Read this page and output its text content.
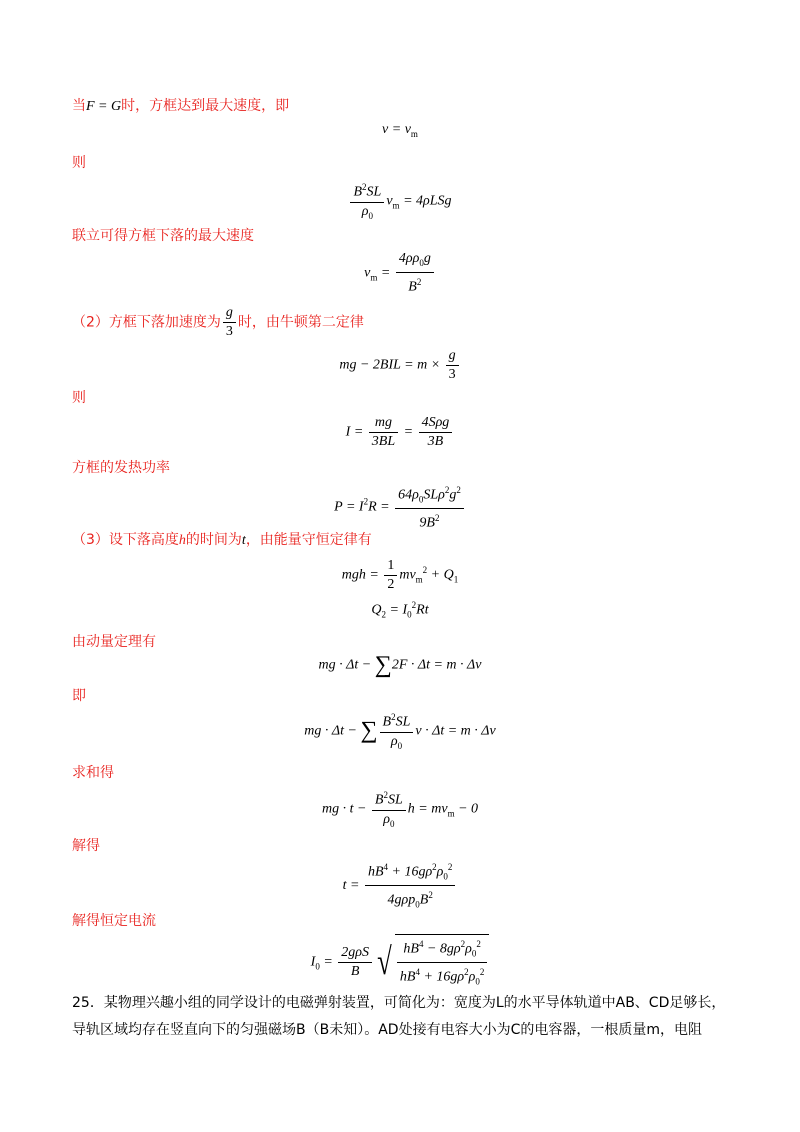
当F = G时，方框达到最大速度，即
$v = v_m$
则
$\frac{B^2SL}{\rho_0} v_m = 4\rho LSg$
联立可得方框下落的最大速度
$v_m = \frac{4\rho\rho_0g}{B^2}$
（2）方框下落加速度为 $\frac{g}{3}$ 时，由牛顿第二定律
mg − $2BIL = m \times \frac{g}{3}$
则
$I = \frac{mg}{3BL} = \frac{\text{4Sρg}}{3B}$
方框的发热功率
$P = I^2R = \frac{64\rho_0SL\rho^2g^2}{9B^2}$
（3）设下落高度h的时间为t，由能量守恒定律有
mgh = $\frac{1}{2} mv_m^2 + Q_1$
$Q_2 = I_0^2Rt$
由动量定理有
mg · Δt − ∑2F · Δt = m · Δv
即
mg · Δt − ∑ $\frac{B^2SL}{\rho_0}$ v · Δt = m · Δv
求和得
mg · $t - \frac{B^2SL}{\rho_0}$ $h = mv_m - 0$
解得
$t = \frac{hB^4 + 16g\rho^2\rho_0^2}{4g\rho p_0B^2}$
解得恒定电流
$I_0 = \frac{\text{2gρS}}{B}$ √ $\frac{hB^4 - 8g\rho^2\rho_0^2}{hB^4 + 16g\rho^2\rho_0^2}$
25．某物理兴趣小组的同学设计的电磁弹射装置，可简化为：宽度为L的水平导体轨道中AB、CD足够长，
导轨区域均存在竖直向下的匀强磁场B（B未知）。AD处接有电容大小为C的电容器，一根质量m，电阻
